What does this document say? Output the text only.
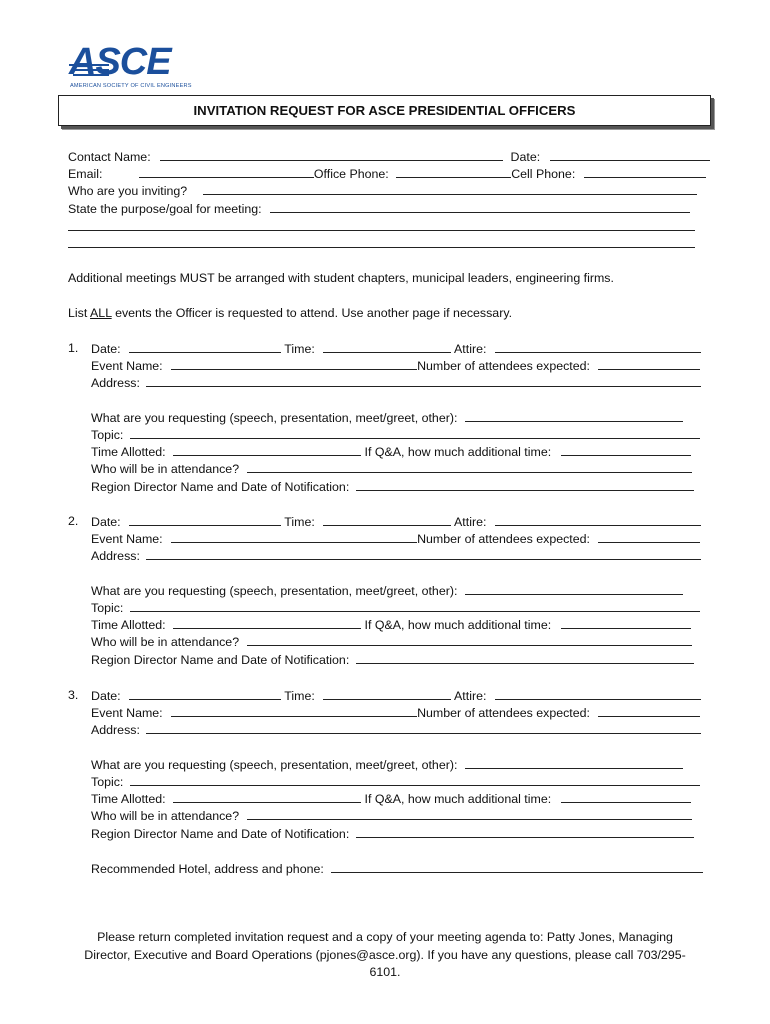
ASCE
AMERICAN SOCIETY OF CIVIL ENGINEERS
INVITATION REQUEST FOR ASCE PRESIDENTIAL OFFICERS
Contact Name:	Date:
Email:	Office Phone:	Cell Phone:
Who are you inviting?
State the purpose/goal for meeting:
Additional meetings MUST be arranged with student chapters, municipal leaders, engineering firms.
List ALL events the Officer is requested to attend. Use another page if necessary.
1. Date:	Time:	Attire:
Event Name:	Number of attendees expected:
Address:
What are you requesting (speech, presentation, meet/greet, other):
Topic:
Time Allotted:	If Q&A, how much additional time:
Who will be in attendance?
Region Director Name and Date of Notification:
2. Date:	Time:	Attire:
Event Name:	Number of attendees expected:
Address:
What are you requesting (speech, presentation, meet/greet, other):
Topic:
Time Allotted:	If Q&A, how much additional time:
Who will be in attendance?
Region Director Name and Date of Notification:
3. Date:	Time:	Attire:
Event Name:	Number of attendees expected:
Address:
What are you requesting (speech, presentation, meet/greet, other):
Topic:
Time Allotted:	If Q&A, how much additional time:
Who will be in attendance?
Region Director Name and Date of Notification:
Recommended Hotel, address and phone:
Please return completed invitation request and a copy of your meeting agenda to: Patty Jones, Managing Director, Executive and Board Operations (pjones@asce.org). If you have any questions, please call 703/295-6101.
